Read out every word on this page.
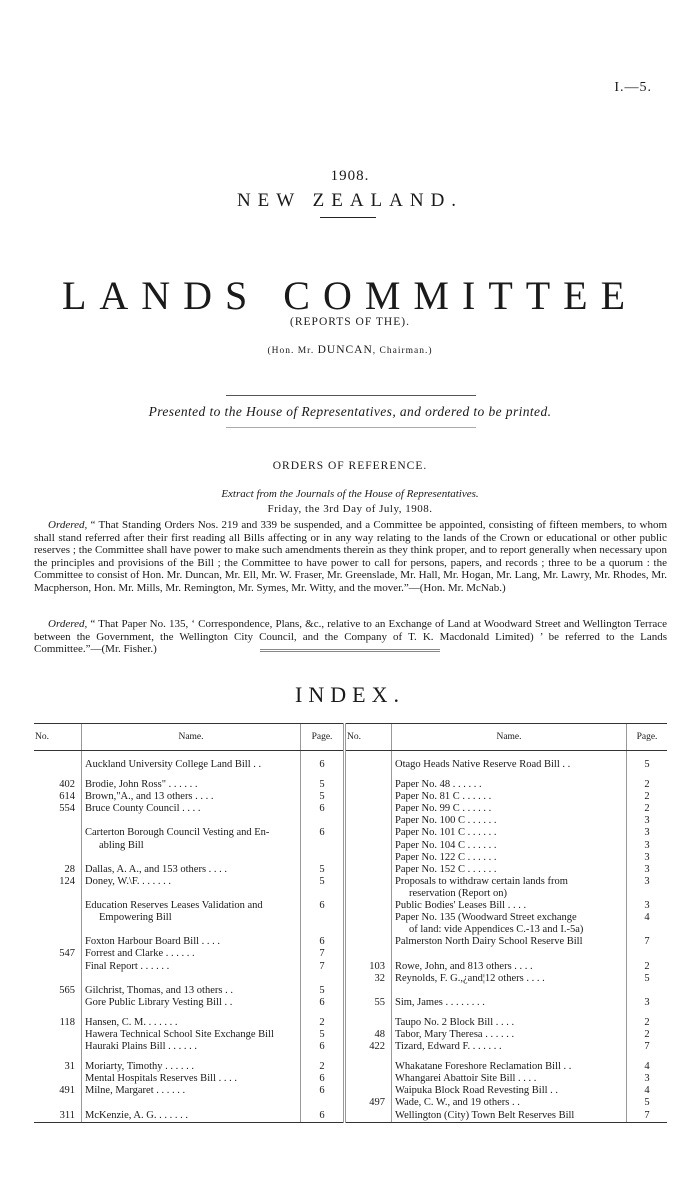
I.—5.
1908.
NEW ZEALAND.
LANDS COMMITTEE
(REPORTS OF THE).
(Hon. Mr. DUNCAN, Chairman.)
Presented to the House of Representatives, and ordered to be printed.
ORDERS OF REFERENCE.
Extract from the Journals of the House of Representatives.
Friday, the 3rd Day of July, 1908.
Ordered, “ That Standing Orders Nos. 219 and 339 be suspended, and a Committee be appointed, consisting of fifteen members, to whom shall stand referred after their first reading all Bills affecting or in any way relating to the lands of the Crown or educational or other public reserves ; the Committee shall have power to make such amendments therein as they think proper, and to report generally when necessary upon the principles and provisions of the Bill ; the Committee to have power to call for persons, papers, and records ; three to be a quorum : the Committee to consist of Hon. Mr. Duncan, Mr. Ell, Mr. W. Fraser, Mr. Greenslade, Mr. Hall, Mr. Hogan, Mr. Lang, Mr. Lawry, Mr. Rhodes, Mr. Macpherson, Hon. Mr. Mills, Mr. Remington, Mr. Symes, Mr. Witty, and the mover.”—(Hon. Mr. McNab.)
Ordered, “ That Paper No. 135, ‘ Correspondence, Plans, &c., relative to an Exchange of Land at Woodward Street and Wellington Terrace between the Government, the Wellington City Council, and the Company of T. K. Macdonald Limited) ’ be referred to the Lands Committee.”—(Mr. Fisher.)
INDEX.
No.	Name.	Page.	No.	Name.	Page.

	Auckland University College Land Bill . .	6		Otago Heads Native Reserve Road Bill . .	5

402	Brodie, John Ross" . . . . . .	5		Paper No. 48 . . . . . .	2
614	Brown,"A., and 13 others . . . .	5		Paper No. 81 C . . . . . .	2
554	Bruce County Council . . . .	6		Paper No. 99 C . . . . . .	2
				Paper No. 100 C . . . . . .	3
	Carterton Borough Council Vesting and En-	6		Paper No. 101 C . . . . . .	3
	abling Bill			Paper No. 104 C . . . . . .	3
				Paper No. 122 C . . . . . .	3
28	Dallas, A. A., and 153 others . . . .	5		Paper No. 152 C . . . . . .	3
124	Doney, W.\F. . . . . . .	5		Proposals to withdraw certain lands from	3
				reservation (Report on)	
	Education Reserves Leases Validation and	6		Public Bodies' Leases Bill . . . .	3
	Empowering Bill			Paper No. 135 (Woodward Street exchange	4
				of land: vide Appendices C.-13 and I.-5a)	
	Foxton Harbour Board Bill . . . .	6		Palmerston North Dairy School Reserve Bill	7
547	Forrest and Clarke . . . . . .	7			
	Final Report . . . . . .	7	103	Rowe, John, and 813 others . . . .	2
			32	Reynolds, F. G.,¿and¦12 others . . . .	5
565	Gilchrist, Thomas, and 13 others . .	5			
	Gore Public Library Vesting Bill . .	6	55	Sim, James . . . . . . . .	3

118	Hansen, C. M. . . . . . .	2		Taupo No. 2 Block Bill . . . .	2
	Hawera Technical School Site Exchange Bill	5	48	Tabor, Mary Theresa . . . . . .	2
	Hauraki Plains Bill . . . . . .	6	422	Tizard, Edward F. . . . . . .	7

31	Moriarty, Timothy . . . . . .	2		Whakatane Foreshore Reclamation Bill . .	4
	Mental Hospitals Reserves Bill . . . .	6		Whangarei Abattoir Site Bill . . . .	3
491	Milne, Margaret . . . . . .	6		Waipuka Block Road Revesting Bill . .	4
			497	Wade, C. W., and 19 others . .	5
311	McKenzie, A. G. . . . . . .	6		Wellington (City) Town Belt Reserves Bill	7
